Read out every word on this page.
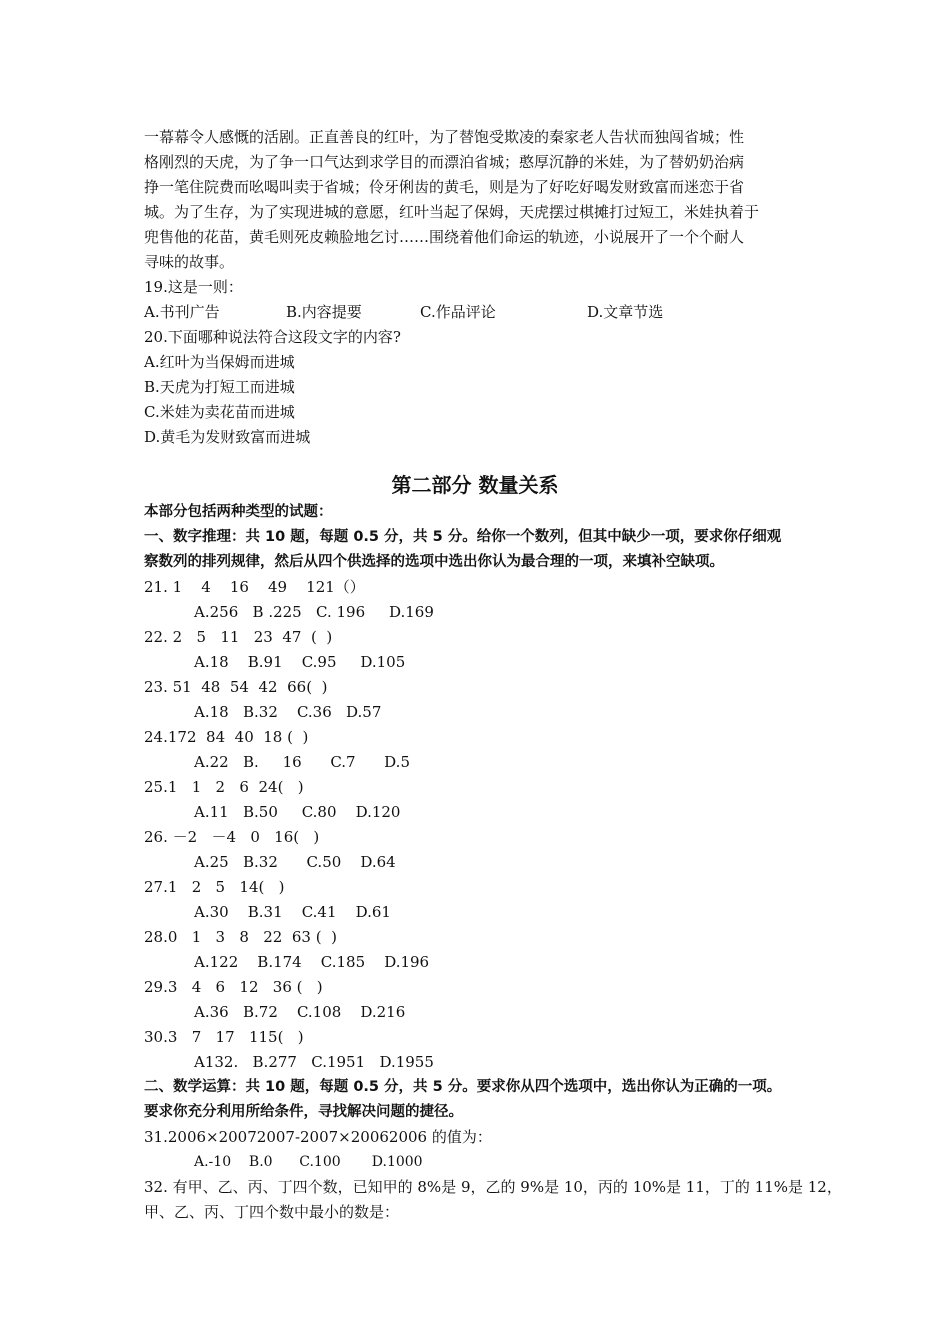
一幕幕令人感慨的活剧。正直善良的红叶，为了替饱受欺凌的秦家老人告状而独闯省城；性

格刚烈的天虎，为了争一口气达到求学目的而漂泊省城；憨厚沉静的米娃，为了替奶奶治病

挣一笔住院费而吆喝叫卖于省城；伶牙俐齿的黄毛，则是为了好吃好喝发财致富而迷恋于省

城。为了生存，为了实现进城的意愿，红叶当起了保姆，天虎摆过棋摊打过短工，米娃执着于

兜售他的花苗，黄毛则死皮赖脸地乞讨……围绕着他们命运的轨迹，小说展开了一个个耐人

寻味的故事。

19.这是一则：

A.书刊广告	B.内容提要	C.作品评论	D.文章节选

20.下面哪种说法符合这段文字的内容?

A.红叶为当保姆而进城

B.天虎为打短工而进城

C.米娃为卖花苗而进城

D.黄毛为发财致富而进城

第二部分 数量关系

本部分包括两种类型的试题：

一、数字推理：共 10 题，每题 0.5 分，共 5 分。给你一个数列，但其中缺少一项，要求你仔细观

察数列的排列规律，然后从四个供选择的选项中选出你认为最合理的一项，来填补空缺项。

21. 1    4    16    49    121（）

A.256   B .225   C. 196     D.169

22. 2   5   11   23  47  (  )

A.18    B.91    C.95     D.105

23. 51  48  54  42  66(  )

A.18   B.32    C.36   D.57

24.172  84  40  18 (  )

A.22   B.     16      C.7      D.5

25.1   1   2   6  24(   )

A.11   B.50     C.80    D.120

26. －2   －4   0   16(   )

A.25   B.32      C.50    D.64

27.1   2   5   14(   )

A.30    B.31    C.41    D.61

28.0   1   3   8   22  63 (  )

A.122    B.174    C.185    D.196

29.3   4   6   12   36 (   )

A.36   B.72    C.108    D.216

30.3   7   17   115(   )

A132.   B.277   C.1951   D.1955

二、数学运算：共 10 题，每题 0.5 分，共 5 分。要求你从四个选项中，选出你认为正确的一项。

要求你充分利用所给条件，寻找解决问题的捷径。

31.2006×20072007-2007×20062006 的值为：

A.-10    B.0      C.100       D.1000

32. 有甲、乙、丙、丁四个数，已知甲的 8%是 9，乙的 9%是 10，丙的 10%是 11，丁的 11%是 12，

甲、乙、丙、丁四个数中最小的数是：
